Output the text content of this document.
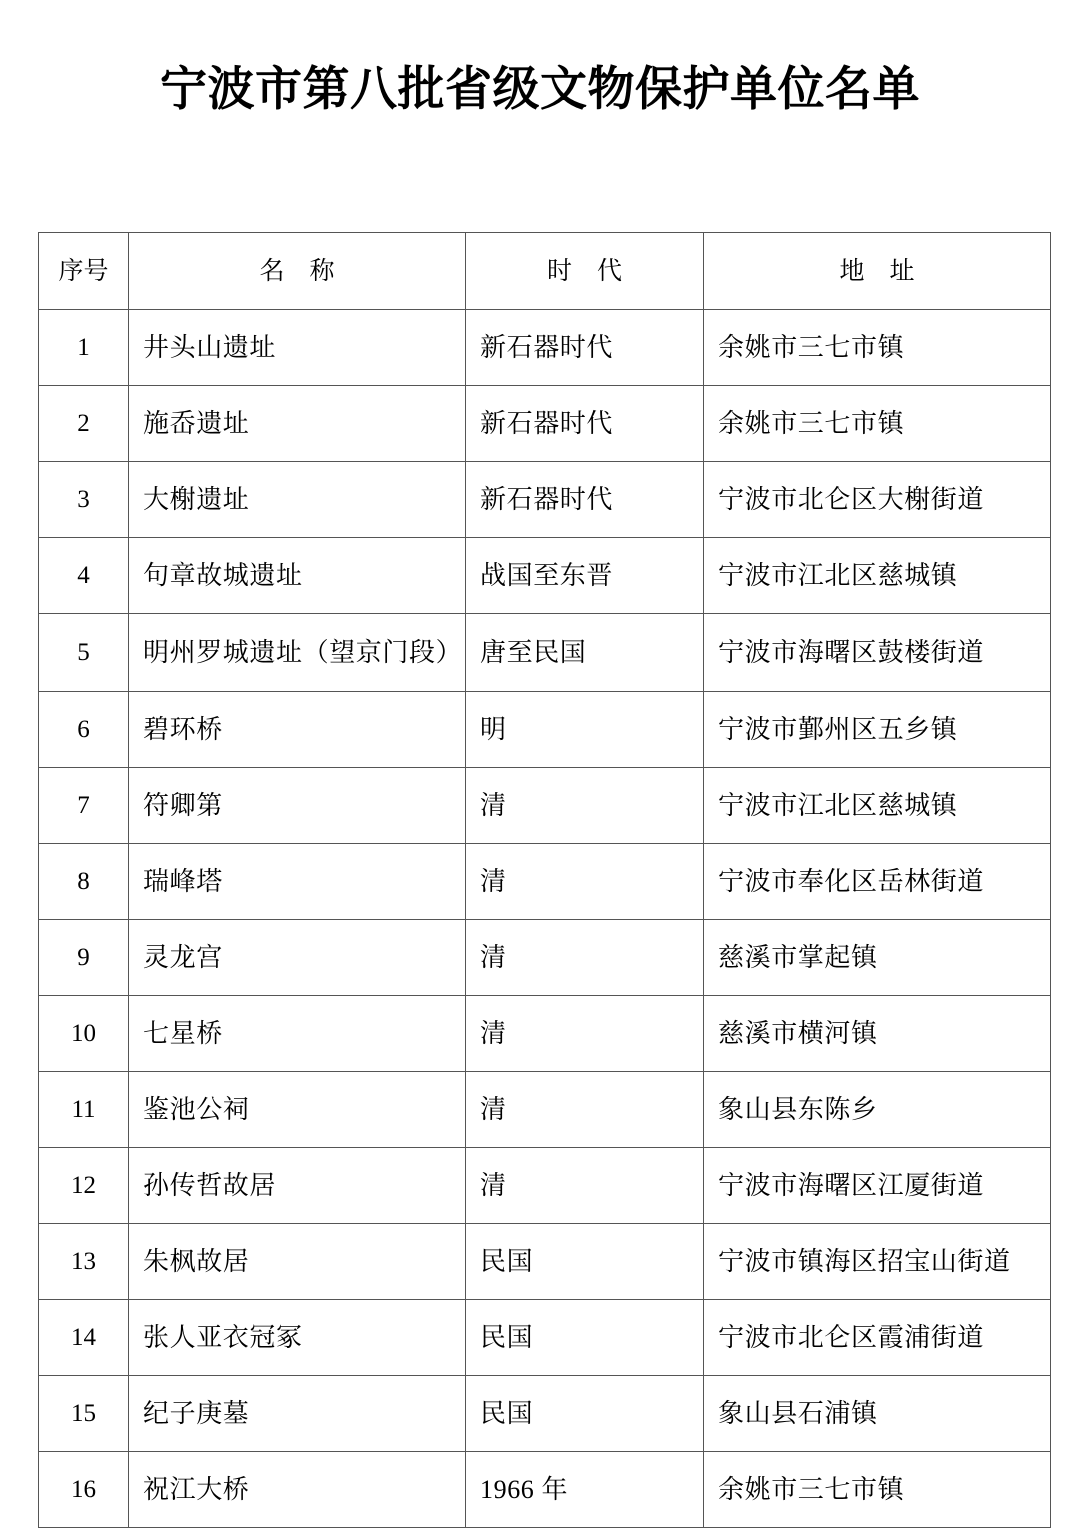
宁波市第八批省级文物保护单位名单
序号	名　称	时　代	地　址
1	井头山遗址	新石器时代	余姚市三七市镇
2	施岙遗址	新石器时代	余姚市三七市镇
3	大榭遗址	新石器时代	宁波市北仑区大榭街道
4	句章故城遗址	战国至东晋	宁波市江北区慈城镇
5	明州罗城遗址（望京门段）	唐至民国	宁波市海曙区鼓楼街道
6	碧环桥	明	宁波市鄞州区五乡镇
7	符卿第	清	宁波市江北区慈城镇
8	瑞峰塔	清	宁波市奉化区岳林街道
9	灵龙宫	清	慈溪市掌起镇
10	七星桥	清	慈溪市横河镇
11	鉴池公祠	清	象山县东陈乡
12	孙传哲故居	清	宁波市海曙区江厦街道
13	朱枫故居	民国	宁波市镇海区招宝山街道
14	张人亚衣冠冢	民国	宁波市北仑区霞浦街道
15	纪子庚墓	民国	象山县石浦镇
16	祝江大桥	1966 年	余姚市三七市镇
